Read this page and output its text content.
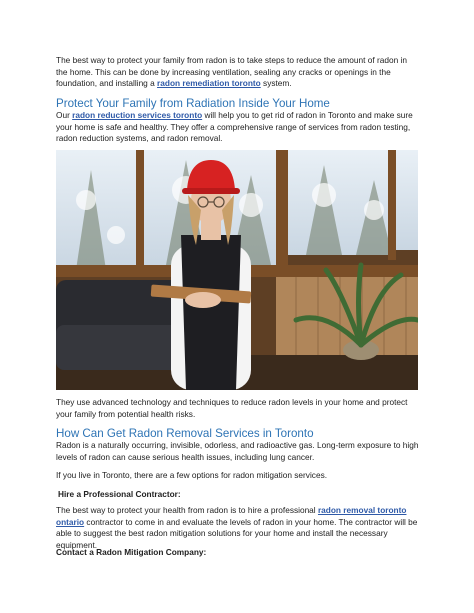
The best way to protect your family from radon is to take steps to reduce the amount of radon in the home. This can be done by increasing ventilation, sealing any cracks or openings in the foundation, and installing a radon remediation toronto system.

Protect Your Family from Radiation Inside Your Home

Our radon reduction services toronto will help you to get rid of radon in Toronto and make sure your home is safe and healthy. They offer a comprehensive range of services from radon testing, radon reduction systems, and radon removal.

They use advanced technology and techniques to reduce radon levels in your home and protect your family from potential health risks.

How Can Get Radon Removal Services in Toronto

Radon is a naturally occurring, invisible, odorless, and radioactive gas. Long-term exposure to high levels of radon can cause serious health issues, including lung cancer.

If you live in Toronto, there are a few options for radon mitigation services.

Hire a Professional Contractor:

The best way to protect your health from radon is to hire a professional radon removal toronto ontario contractor to come in and evaluate the levels of radon in your home. The contractor will be able to suggest the best radon mitigation solutions for your home and install the necessary equipment.

Contact a Radon Mitigation Company:
